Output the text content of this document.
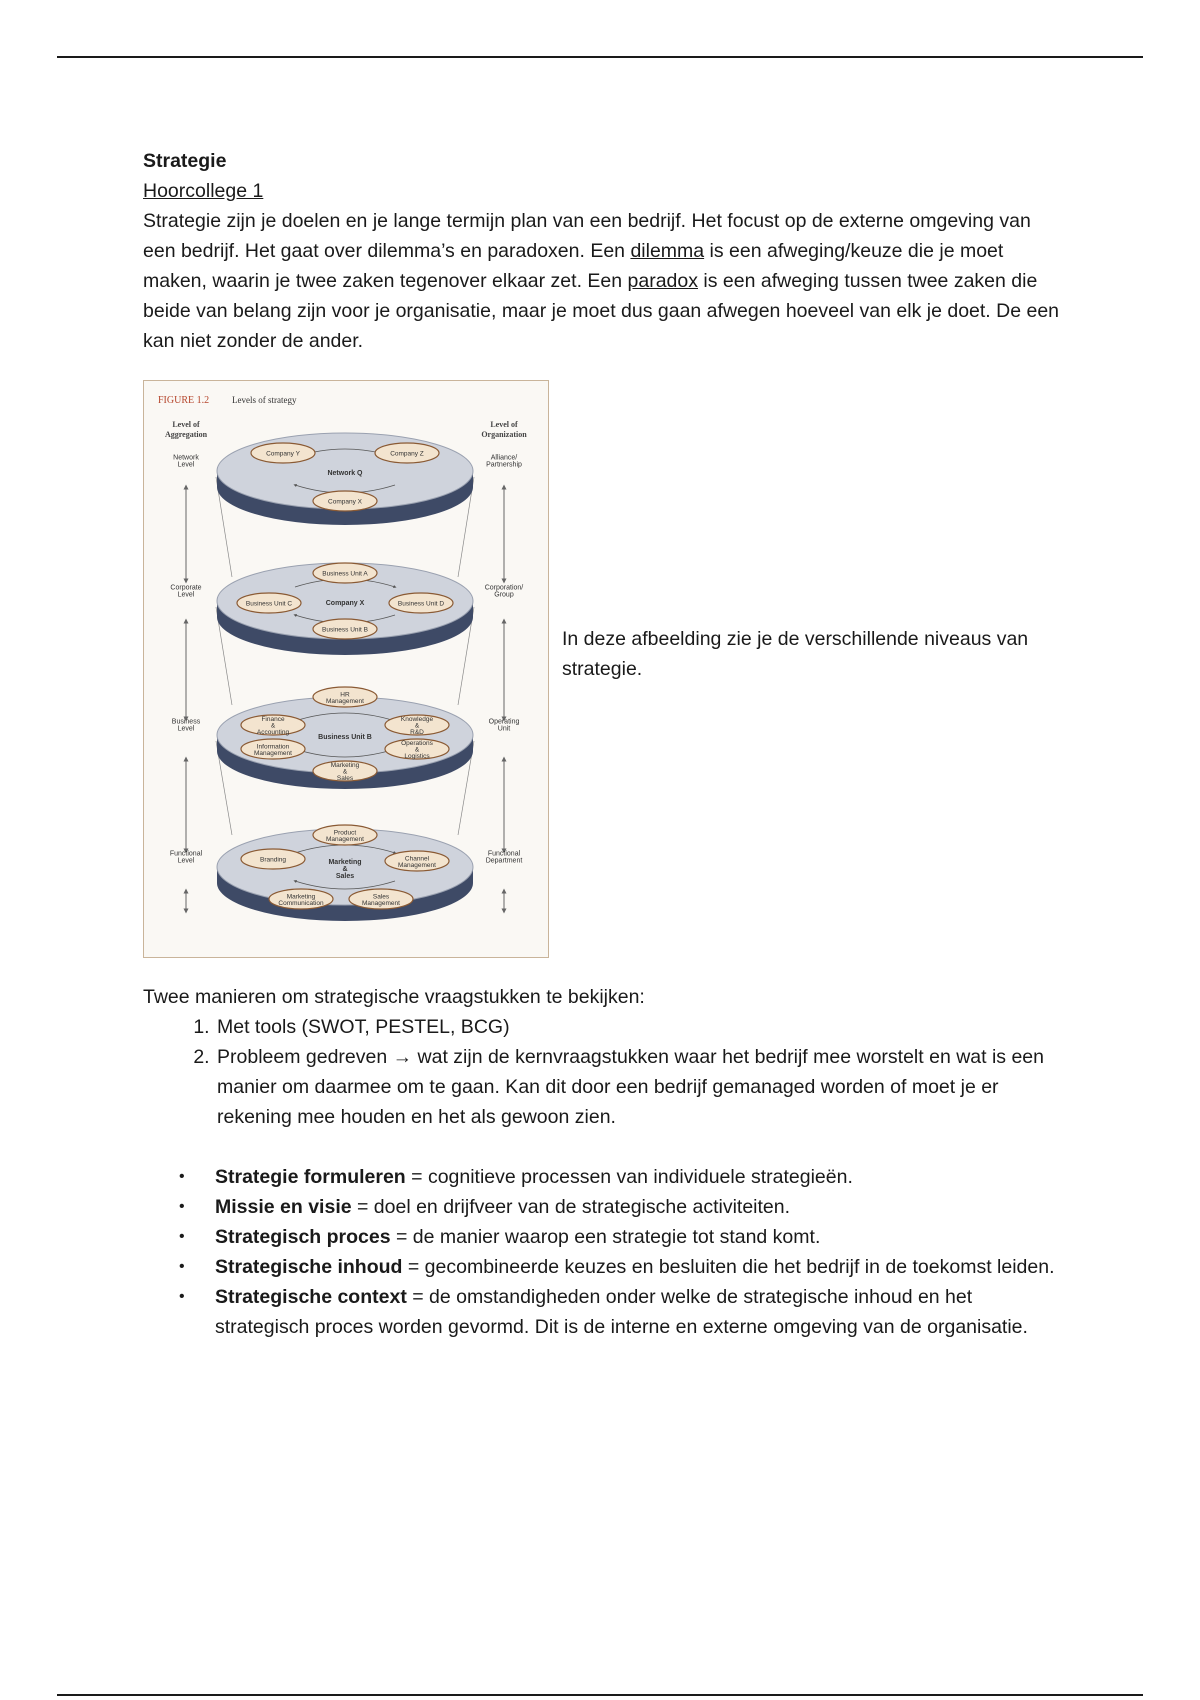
Strategie
Hoorcollege 1

Strategie zijn je doelen en je lange termijn plan van een bedrijf. Het focust op de externe omgeving van een bedrijf. Het gaat over dilemma’s en paradoxen. Een dilemma is een afweging/keuze die je moet maken, waarin je twee zaken tegenover elkaar zet. Een paradox is een afweging tussen twee zaken die beide van belang zijn voor je organisatie, maar je moet dus gaan afwegen hoeveel van elk je doet. De een kan niet zonder de ander.

FIGURE 1.2	Levels of strategy
Level of Aggregation
Level of Organization
Network Q
Company Y	Company Z
Company X
Network Level
Alliance/ Partnership
Company X
Business Unit A
Business Unit C	Business Unit D
Business Unit B
Corporate Level
Corporation/ Group
Business Unit B
HR Management
Finance & Accounting
Knowledge & R&D
Information Management
Operations & Logistics
Marketing & Sales
Business Level
Operating Unit
Marketing & Sales
Product Management
Branding	Channel Management
Marketing Communication
Sales Management
Functional Level
Functional Department
In deze afbeelding zie je de verschillende niveaus van strategie.
Twee manieren om strategische vraagstukken te bekijken:
1. Met tools (SWOT, PESTEL, BCG)
2. Probleem gedreven → wat zijn de kernvraagstukken waar het bedrijf mee worstelt en wat is een manier om daarmee om te gaan. Kan dit door een bedrijf gemanaged worden of moet je er rekening mee houden en het als gewoon zien.
• Strategie formuleren = cognitieve processen van individuele strategieën.
• Missie en visie = doel en drijfveer van de strategische activiteiten.
• Strategisch proces = de manier waarop een strategie tot stand komt.
• Strategische inhoud = gecombineerde keuzes en besluiten die het bedrijf in de toekomst leiden.
• Strategische context = de omstandigheden onder welke de strategische inhoud en het strategisch proces worden gevormd. Dit is de interne en externe omgeving van de organisatie.
